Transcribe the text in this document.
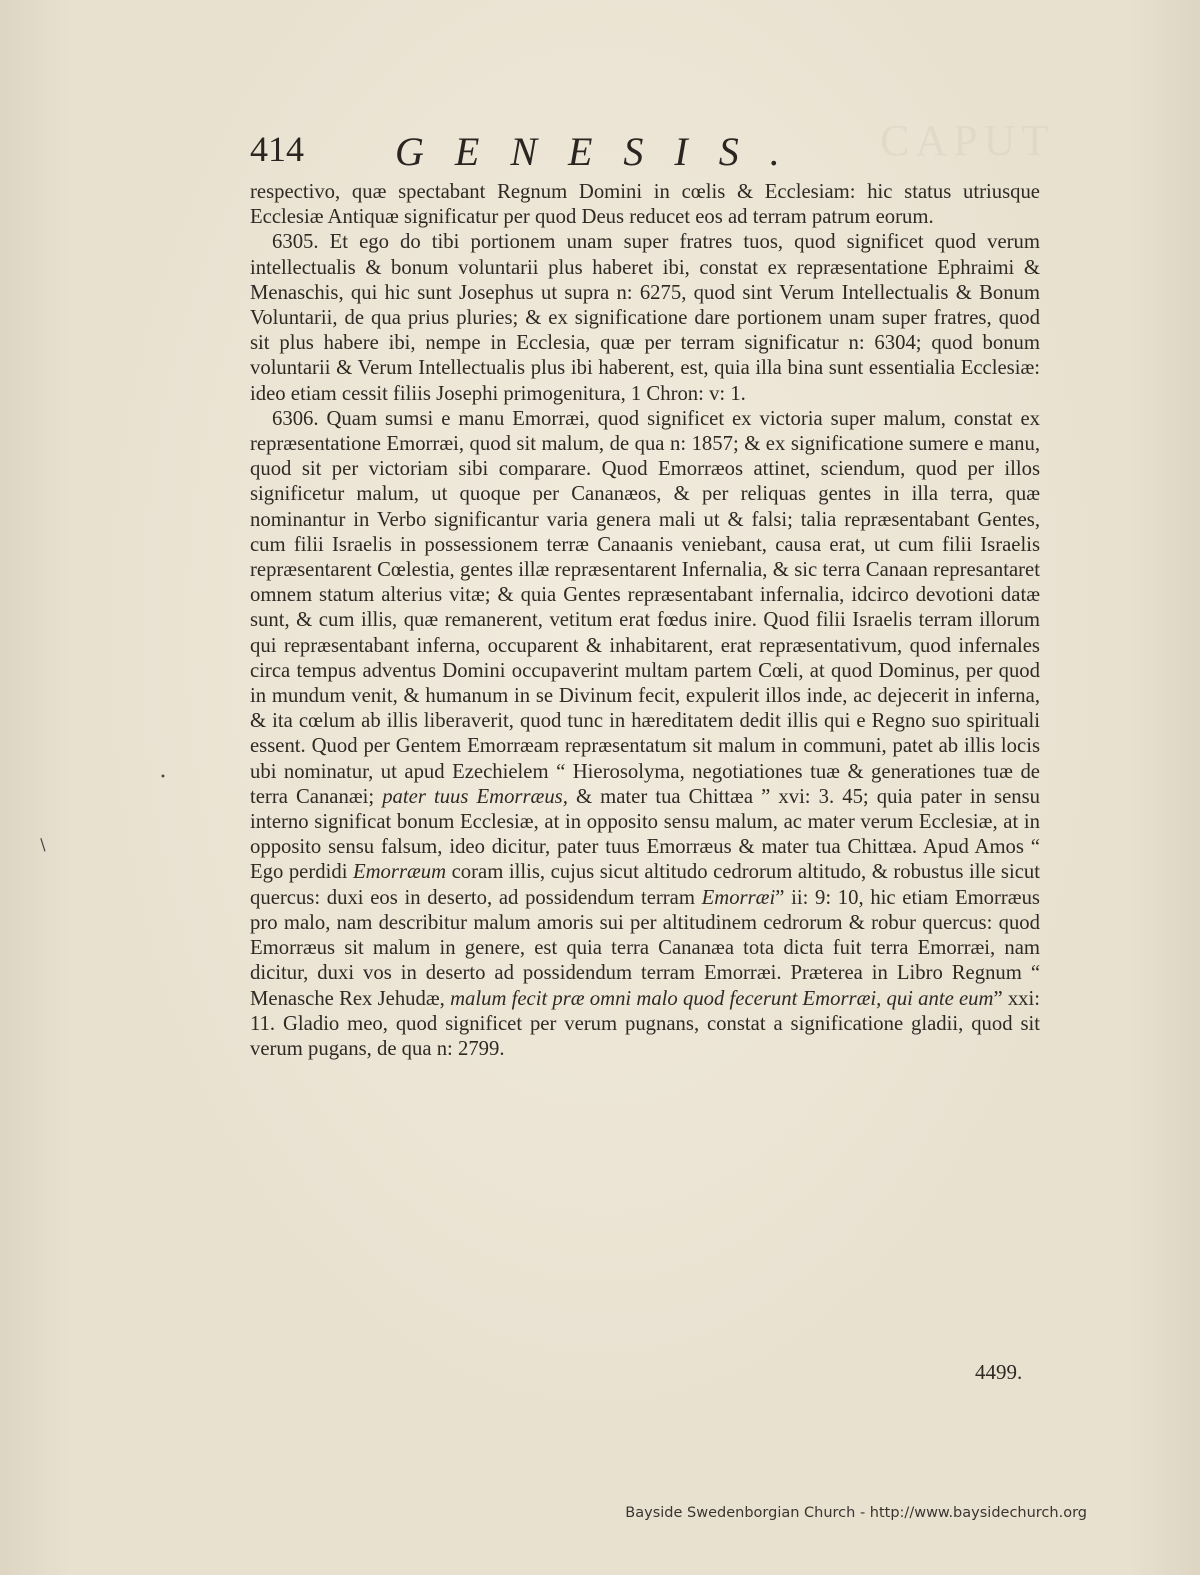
CAPUT
414 GENESIS.

respectivo, quæ spectabant Regnum Domini in cœlis & Ecclesiam: hic status utriusque Ecclesiæ Antiquæ significatur per quod Deus reducet eos ad terram patrum eorum.

6305. Et ego do tibi portionem unam super fratres tuos, quod significet quod verum intellectualis & bonum voluntarii plus haberet ibi, constat ex repræsentatione Ephraimi & Menaschis, qui hic sunt Josephus ut supra n: 6275, quod sint Verum Intellectualis & Bonum Voluntarii, de qua prius pluries; & ex significatione dare portionem unam super fratres, quod sit plus habere ibi, nempe in Ecclesia, quæ per terram significatur n: 6304; quod bonum voluntarii & Verum Intellectualis plus ibi haberent, est, quia illa bina sunt essentialia Ecclesiæ: ideo etiam cessit filiis Josephi primogenitura, 1 Chron: v: 1.

6306. Quam sumsi e manu Emorræi, quod significet ex victoria super malum, constat ex repræsentatione Emorræi, quod sit malum, de qua n: 1857; & ex significatione sumere e manu, quod sit per victoriam sibi comparare. Quod Emorræos attinet, sciendum, quod per illos significetur malum, ut quoque per Cananæos, & per reliquas gentes in illa terra, quæ nominantur in Verbo significantur varia genera mali ut & falsi; talia repræsentabant Gentes, cum filii Israelis in possessionem terræ Canaanis veniebant, causa erat, ut cum filii Israelis repræsentarent Cœlestia, gentes illæ repræsentarent Infernalia, & sic terra Canaan represantaret omnem statum alterius vitæ; & quia Gentes repræsentabant infernalia, idcirco devotioni datæ sunt, & cum illis, quæ remanerent, vetitum erat fœdus inire. Quod filii Israelis terram illorum qui repræsentabant inferna, occuparent & inhabitarent, erat repræsentativum, quod infernales circa tempus adventus Domini occupaverint multam partem Cœli, at quod Dominus, per quod in mundum venit, & humanum in se Divinum fecit, expulerit illos inde, ac dejecerit in inferna, & ita cœlum ab illis liberaverit, quod tunc in hæreditatem dedit illis qui e Regno suo spirituali essent. Quod per Gentem Emorræam repræsentatum sit malum in communi, patet ab illis locis ubi nominatur, ut apud Ezechielem “ Hierosolyma, negotiationes tuæ & generationes tuæ de terra Cananæi; pater tuus Emorræus, & mater tua Chittæa ” xvi: 3. 45; quia pater in sensu interno significat bonum Ecclesiæ, at in opposito sensu malum, ac mater verum Ecclesiæ, at in opposito sensu falsum, ideo dicitur, pater tuus Emorræus & mater tua Chittæa. Apud Amos “ Ego perdidi Emorræum coram illis, cujus sicut altitudo cedrorum altitudo, & robustus ille sicut quercus: duxi eos in deserto, ad possidendum terram Emorræi” ii: 9: 10, hic etiam Emorræus pro malo, nam describitur malum amoris sui per altitudinem cedrorum & robur quercus: quod Emorræus sit malum in genere, est quia terra Cananæa tota dicta fuit terra Emorræi, nam dicitur, duxi vos in deserto ad possidendum terram Emorræi. Præterea in Libro Regnum “ Menasche Rex Jehudæ, malum fecit præ omni malo quod fecerunt Emorræi, qui ante eum” xxi: 11. Gladio meo, quod significet per verum pugnans, constat a significatione gladii, quod sit verum pugans, de qua n: 2799.

4499.
Bayside Swedenborgian Church - http://www.baysidechurch.org
•
/
